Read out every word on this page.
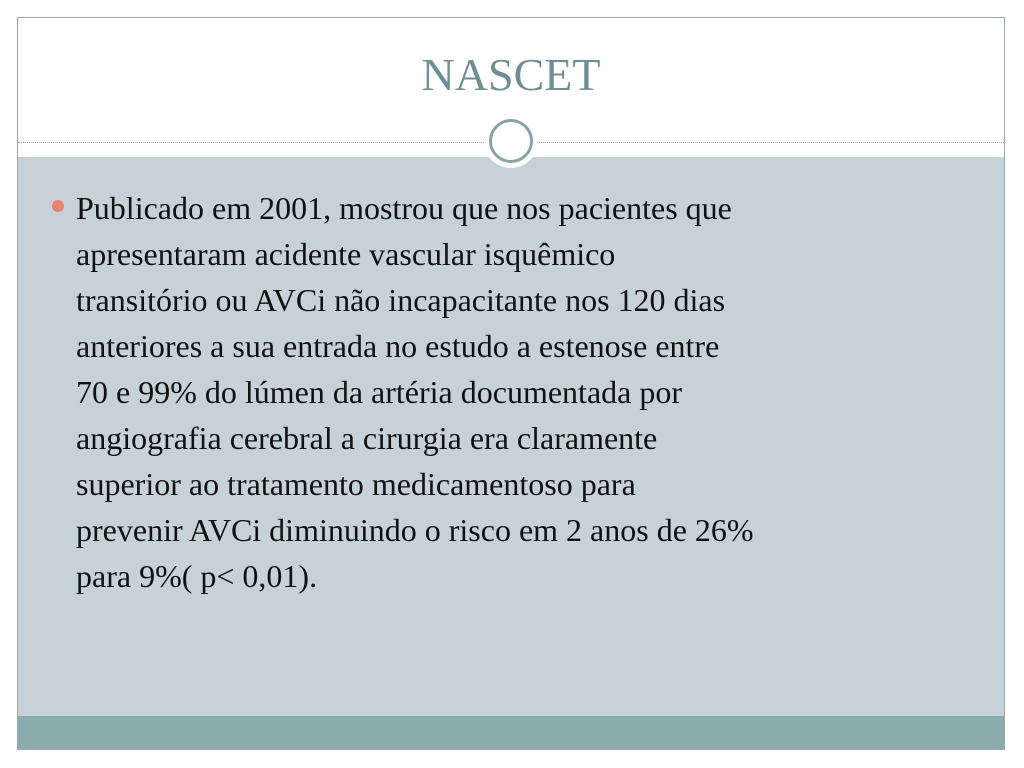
NASCET
Publicado em 2001, mostrou que nos pacientes que
apresentaram acidente vascular isquêmico
transitório ou AVCi não incapacitante nos 120 dias
anteriores a sua entrada no estudo a estenose entre
70 e 99% do lúmen da artéria documentada por
angiografia cerebral a cirurgia era claramente
superior ao tratamento medicamentoso para
prevenir AVCi diminuindo o risco em 2 anos de 26%
para 9%( p< 0,01).
